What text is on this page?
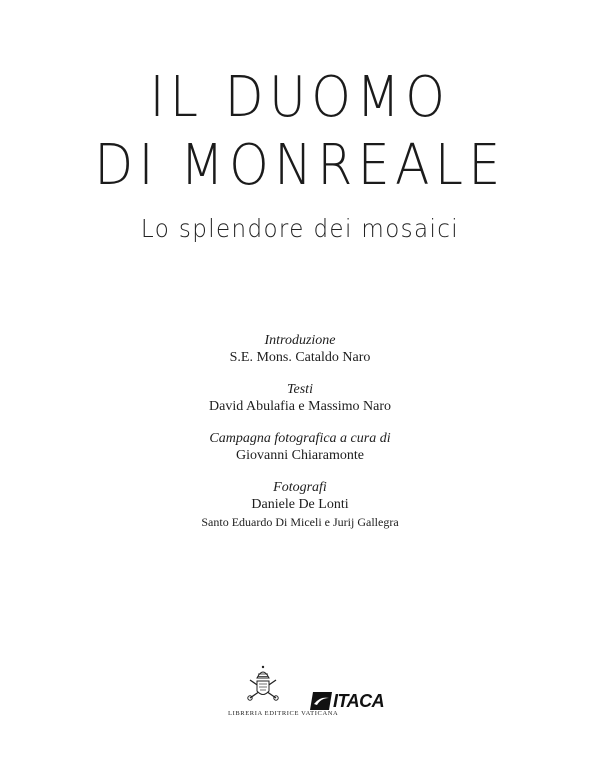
IL DUOMO
DI MONREALE
Lo splendore dei mosaici
Introduzione
S.E. Mons. Cataldo Naro
Testi
David Abulafia e Massimo Naro
Campagna fotografica a cura di
Giovanni Chiaramonte
Fotografi
Daniele De Lonti
Santo Eduardo Di Miceli e Jurij Gallegra
LIBRERIA EDITRICE VATICANA
ITACA
